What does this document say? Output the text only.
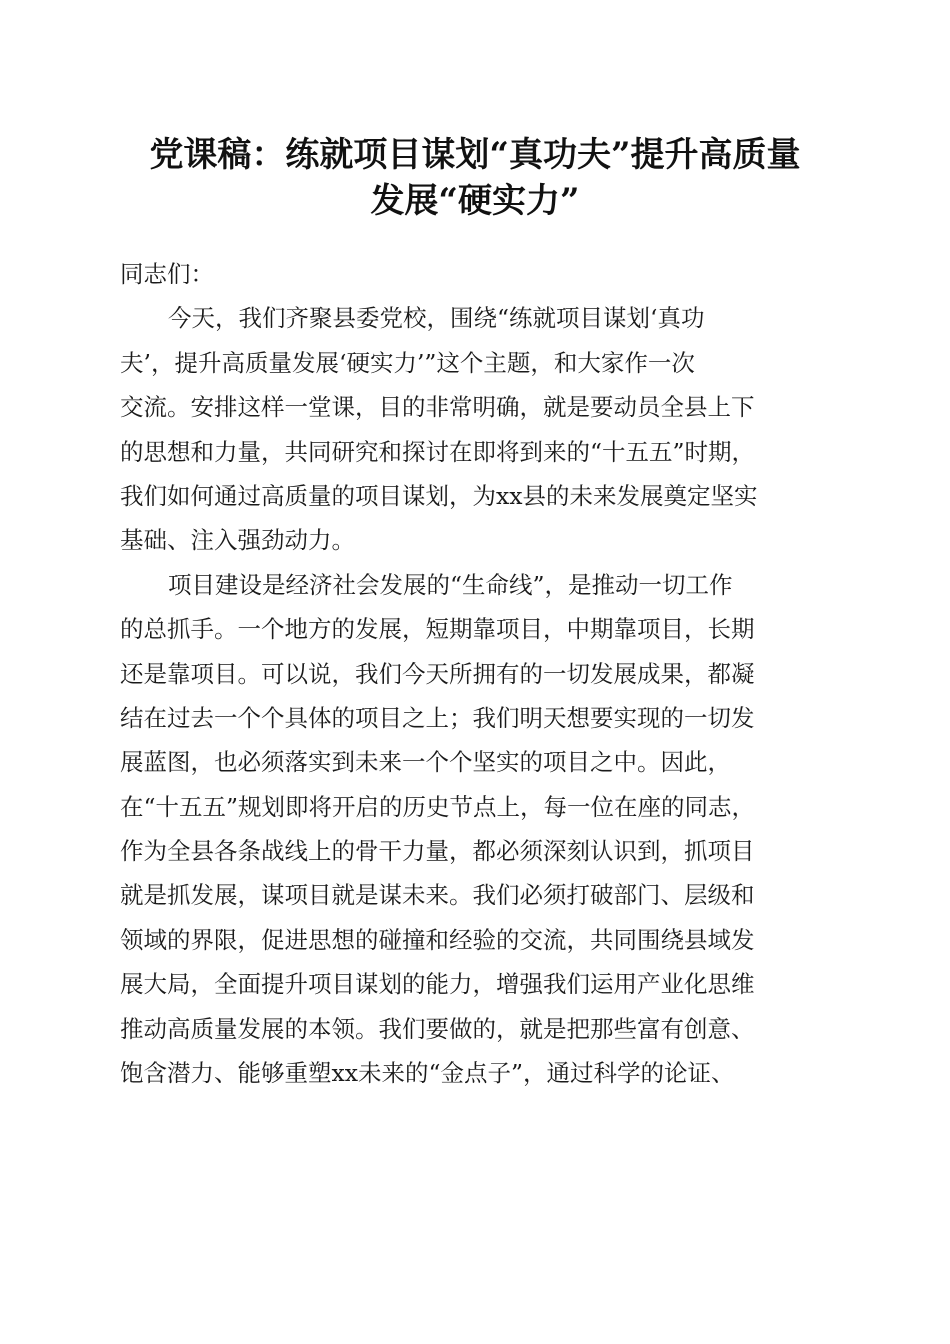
党课稿：练就项目谋划“真功夫”提升高质量
发展“硬实力”
同志们：
今天，我们齐聚县委党校，围绕“练就项目谋划‘真功
夫’，提升高质量发展‘硬实力’”这个主题，和大家作一次
交流。安排这样一堂课，目的非常明确，就是要动员全县上下
的思想和力量，共同研究和探讨在即将到来的“十五五”时期，
我们如何通过高质量的项目谋划，为xx县的未来发展奠定坚实
基础、注入强劲动力。
项目建设是经济社会发展的“生命线”，是推动一切工作
的总抓手。一个地方的发展，短期靠项目，中期靠项目，长期
还是靠项目。可以说，我们今天所拥有的一切发展成果，都凝
结在过去一个个具体的项目之上；我们明天想要实现的一切发
展蓝图，也必须落实到未来一个个坚实的项目之中。因此，
在“十五五”规划即将开启的历史节点上，每一位在座的同志，
作为全县各条战线上的骨干力量，都必须深刻认识到，抓项目
就是抓发展，谋项目就是谋未来。我们必须打破部门、层级和
领域的界限，促进思想的碰撞和经验的交流，共同围绕县域发
展大局，全面提升项目谋划的能力，增强我们运用产业化思维
推动高质量发展的本领。我们要做的，就是把那些富有创意、
饱含潜力、能够重塑xx未来的“金点子”，通过科学的论证、
